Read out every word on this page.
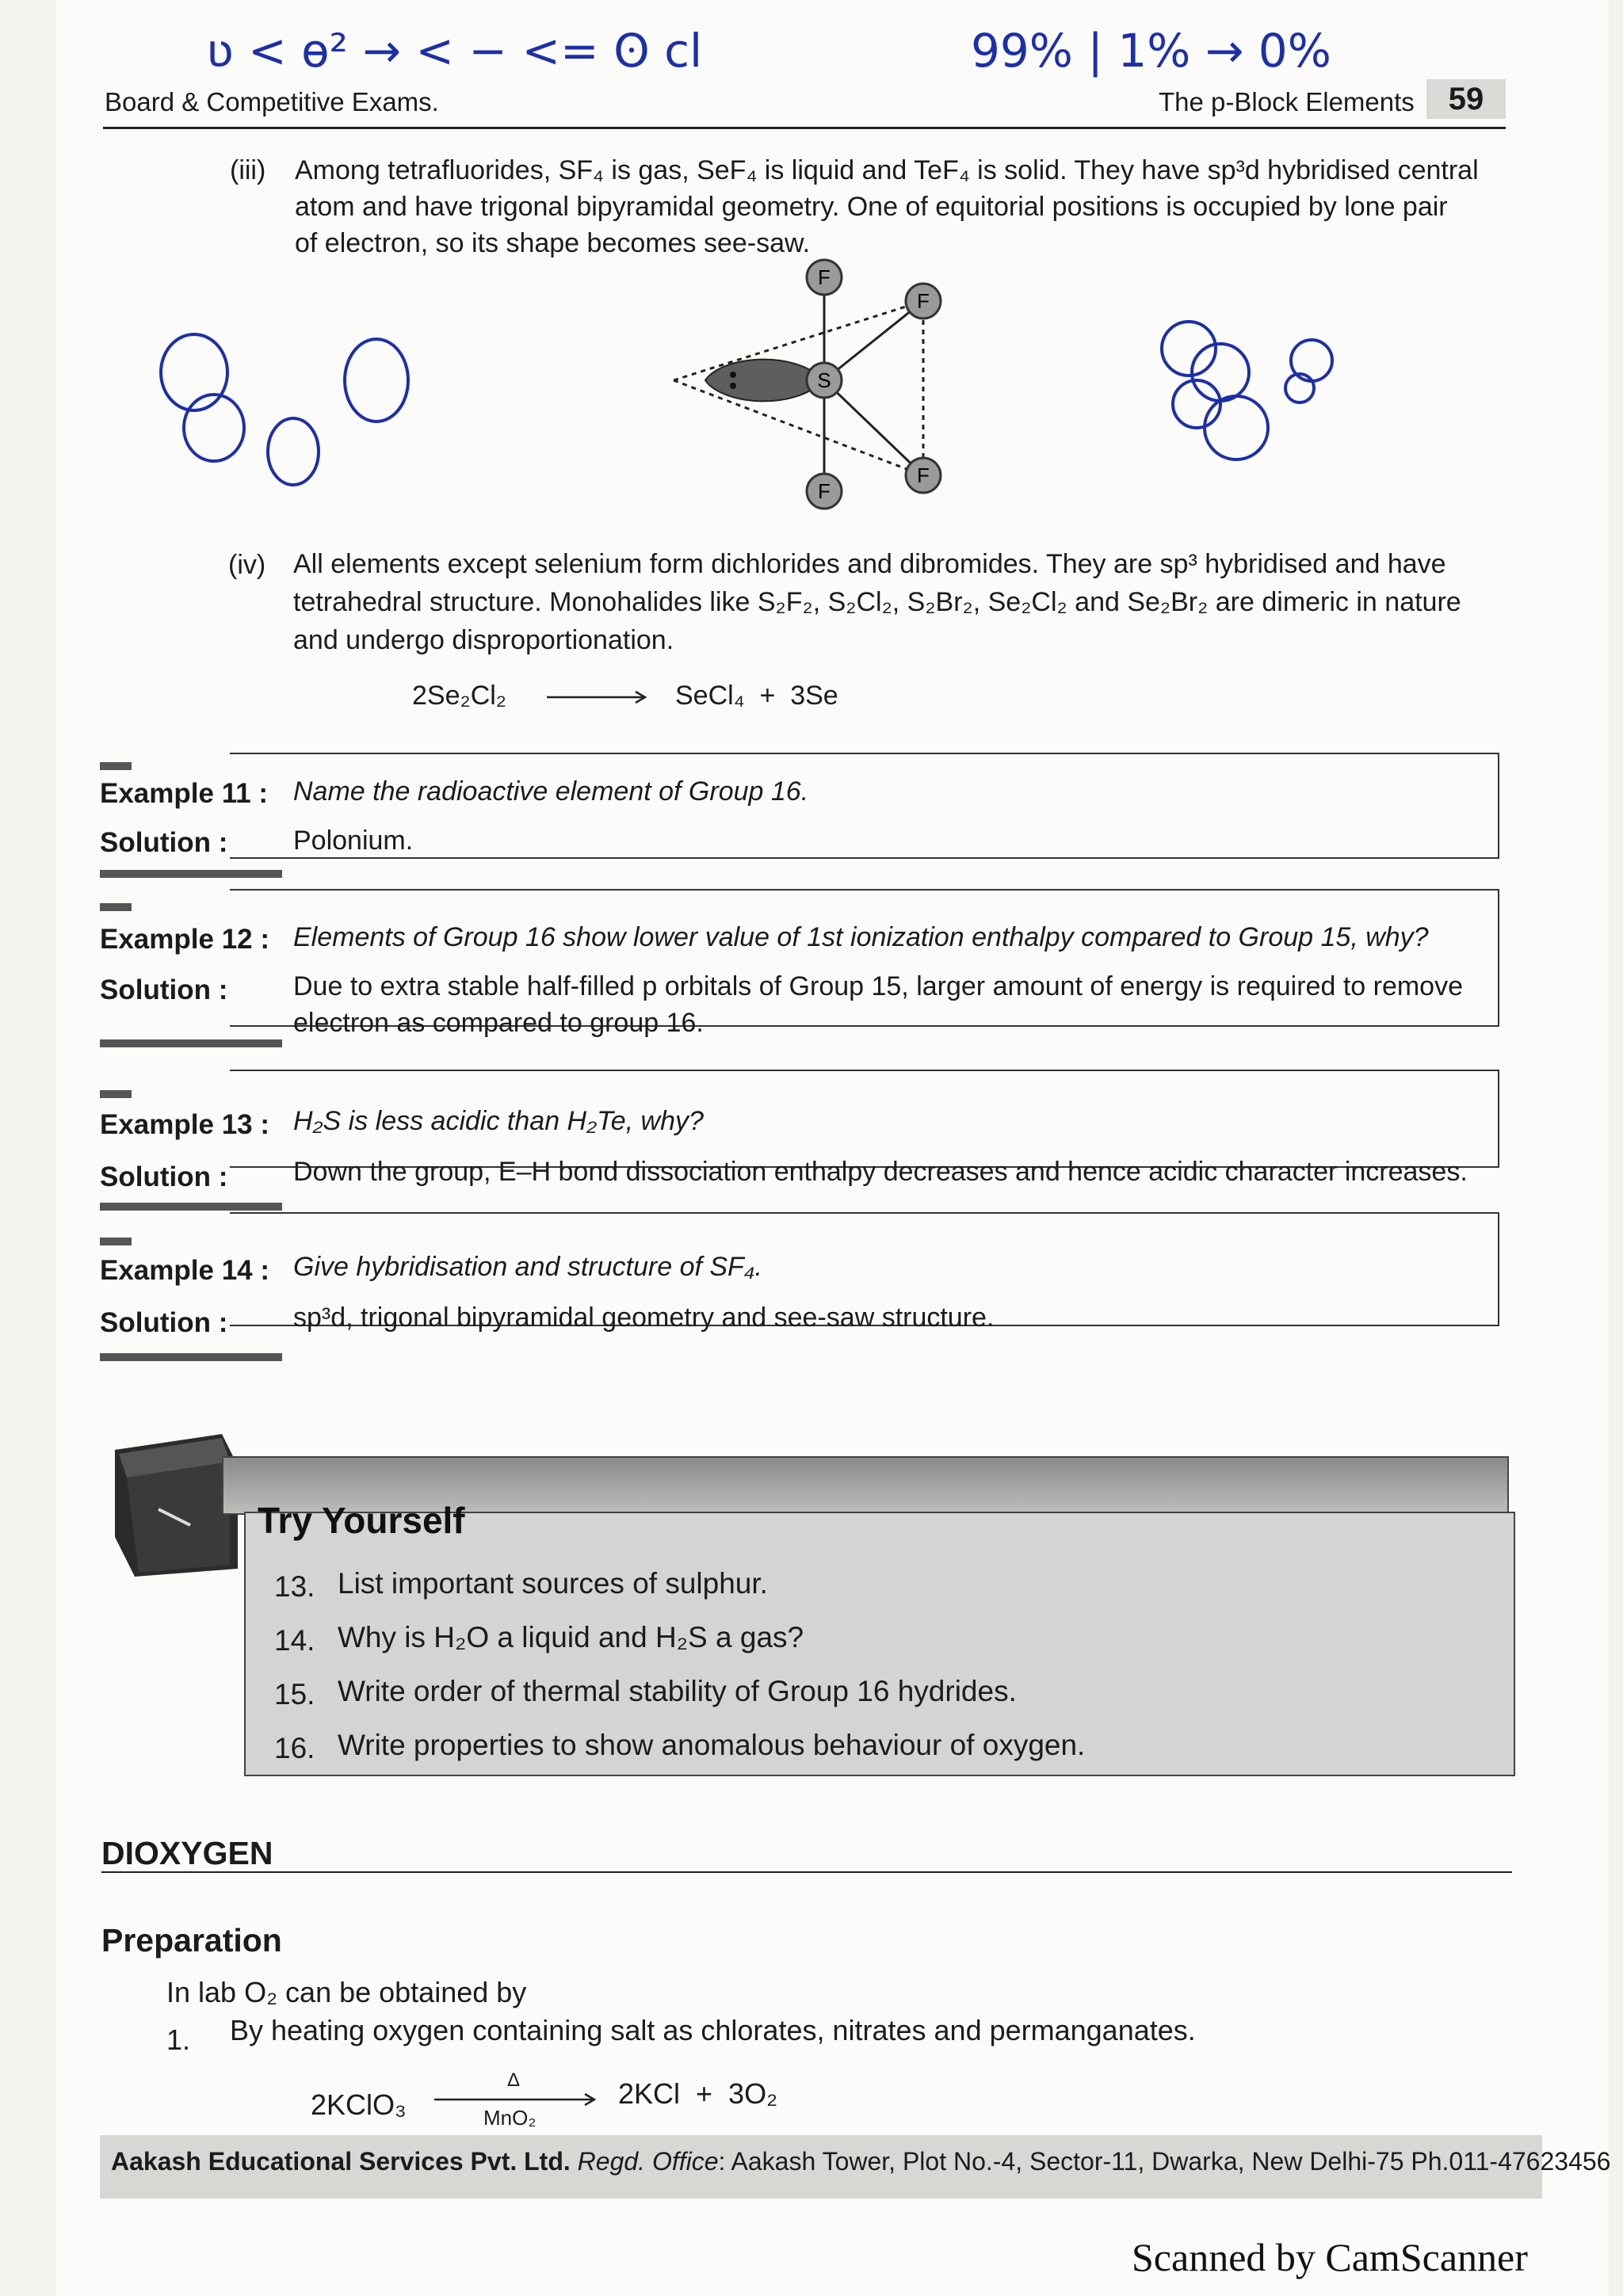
ʋ < ɵ² → < − <= ʘ cl	99% | 1% → 0%
Board & Competitive Exams.	The p-Block Elements	59
(iii) Among tetrafluorides, SF₄ is gas, SeF₄ is liquid and TeF₄ is solid. They have sp³d hybridised central
atom and have trigonal bipyramidal geometry. One of equitorial positions is occupied by lone pair
of electron, so its shape becomes see-saw.
S
F
F
F
F
(iv) All elements except selenium form dichlorides and dibromides. They are sp³ hybridised and have
tetrahedral structure. Monohalides like S₂F₂, S₂Cl₂, S₂Br₂, Se₂Cl₂ and Se₂Br₂ are dimeric in nature
and undergo disproportionation.
2Se₂Cl₂	SeCl₄  +  3Se
Example 11 : Name the radioactive element of Group 16.
Solution : Polonium.
Example 12 : Elements of Group 16 show lower value of 1st ionization enthalpy compared to Group 15, why?
Solution : Due to extra stable half-filled p orbitals of Group 15, larger amount of energy is required to remove
electron as compared to group 16.
Example 13 : H₂S is less acidic than H₂Te, why?
Solution : Down the group, E–H bond dissociation enthalpy decreases and hence acidic character increases.
Example 14 : Give hybridisation and structure of SF₄.
Solution : sp³d, trigonal bipyramidal geometry and see-saw structure.
Try Yourself
13. List important sources of sulphur.
14. Why is H₂O a liquid and H₂S a gas?
15. Write order of thermal stability of Group 16 hydrides.
16. Write properties to show anomalous behaviour of oxygen.
DIOXYGEN
Preparation
In lab O₂ can be obtained by
1. By heating oxygen containing salt as chlorates, nitrates and permanganates.
2KClO₃
Δ
MnO₂
2KCl  +  3O₂
Aakash Educational Services Pvt. Ltd. Regd. Office: Aakash Tower, Plot No.-4, Sector-11, Dwarka, New Delhi-75 Ph.011-47623456
Scanned by CamScanner
